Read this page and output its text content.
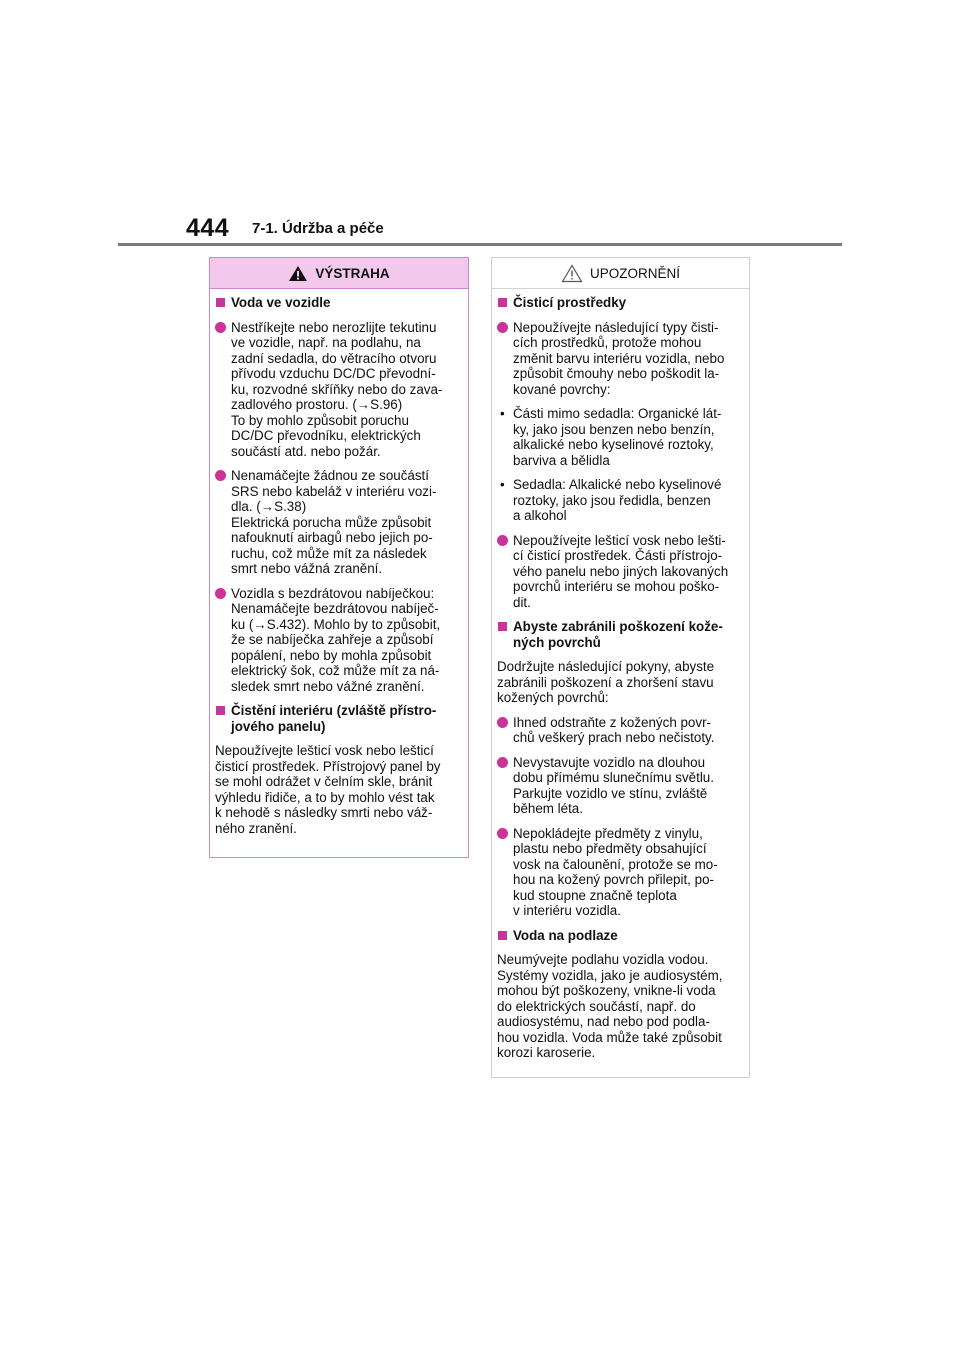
444 7-1. Údržba a péče
VÝSTRAHA
Voda ve vozidle
Nestříkejte nebo nerozlijte tekutinu
ve vozidle, např. na podlahu, na
zadní sedadla, do větracího otvoru
přívodu vzduchu DC/DC převodní-
ku, rozvodné skříňky nebo do zava-
zadlového prostoru. (→S.96)
To by mohlo způsobit poruchu
DC/DC převodníku, elektrických
součástí atd. nebo požár.
Nenamáčejte žádnou ze součástí
SRS nebo kabeláž v interiéru vozi-
dla. (→S.38)
Elektrická porucha může způsobit
nafouknutí airbagů nebo jejich po-
ruchu, což může mít za následek
smrt nebo vážná zranění.
Vozidla s bezdrátovou nabíječkou:
Nenamáčejte bezdrátovou nabíječ-
ku (→S.432). Mohlo by to způsobit,
že se nabíječka zahřeje a způsobí
popálení, nebo by mohla způsobit
elektrický šok, což může mít za ná-
sledek smrt nebo vážné zranění.
Čistění interiéru (zvláště přístro-
jového panelu)
Nepoužívejte lešticí vosk nebo lešticí
čisticí prostředek. Přístrojový panel by
se mohl odrážet v čelním skle, bránit
výhledu řidiče, a to by mohlo vést tak
k nehodě s následky smrti nebo váž-
ného zranění.
UPOZORNĚNÍ
Čisticí prostředky
Nepoužívejte následující typy čisti-
cích prostředků, protože mohou
změnit barvu interiéru vozidla, nebo
způsobit čmouhy nebo poškodit la-
kované povrchy:
• Části mimo sedadla: Organické lát-
ky, jako jsou benzen nebo benzín,
alkalické nebo kyselinové roztoky,
barviva a bělidla
• Sedadla: Alkalické nebo kyselinové
roztoky, jako jsou ředidla, benzen
a alkohol
Nepoužívejte lešticí vosk nebo lešti-
cí čisticí prostředek. Části přístrojo-
vého panelu nebo jiných lakovaných
povrchů interiéru se mohou poško-
dit.
Abyste zabránili poškození kože-
ných povrchů
Dodržujte následující pokyny, abyste
zabránili poškození a zhoršení stavu
kožených povrchů:
Ihned odstraňte z kožených povr-
chů veškerý prach nebo nečistoty.
Nevystavujte vozidlo na dlouhou
dobu přímému slunečnímu světlu.
Parkujte vozidlo ve stínu, zvláště
během léta.
Nepokládejte předměty z vinylu,
plastu nebo předměty obsahující
vosk na čalounění, protože se mo-
hou na kožený povrch přilepit, po-
kud stoupne značně teplota
v interiéru vozidla.
Voda na podlaze
Neumývejte podlahu vozidla vodou.
Systémy vozidla, jako je audiosystém,
mohou být poškozeny, vnikne-li voda
do elektrických součástí, např. do
audiosystému, nad nebo pod podla-
hou vozidla. Voda může také způsobit
korozi karoserie.
